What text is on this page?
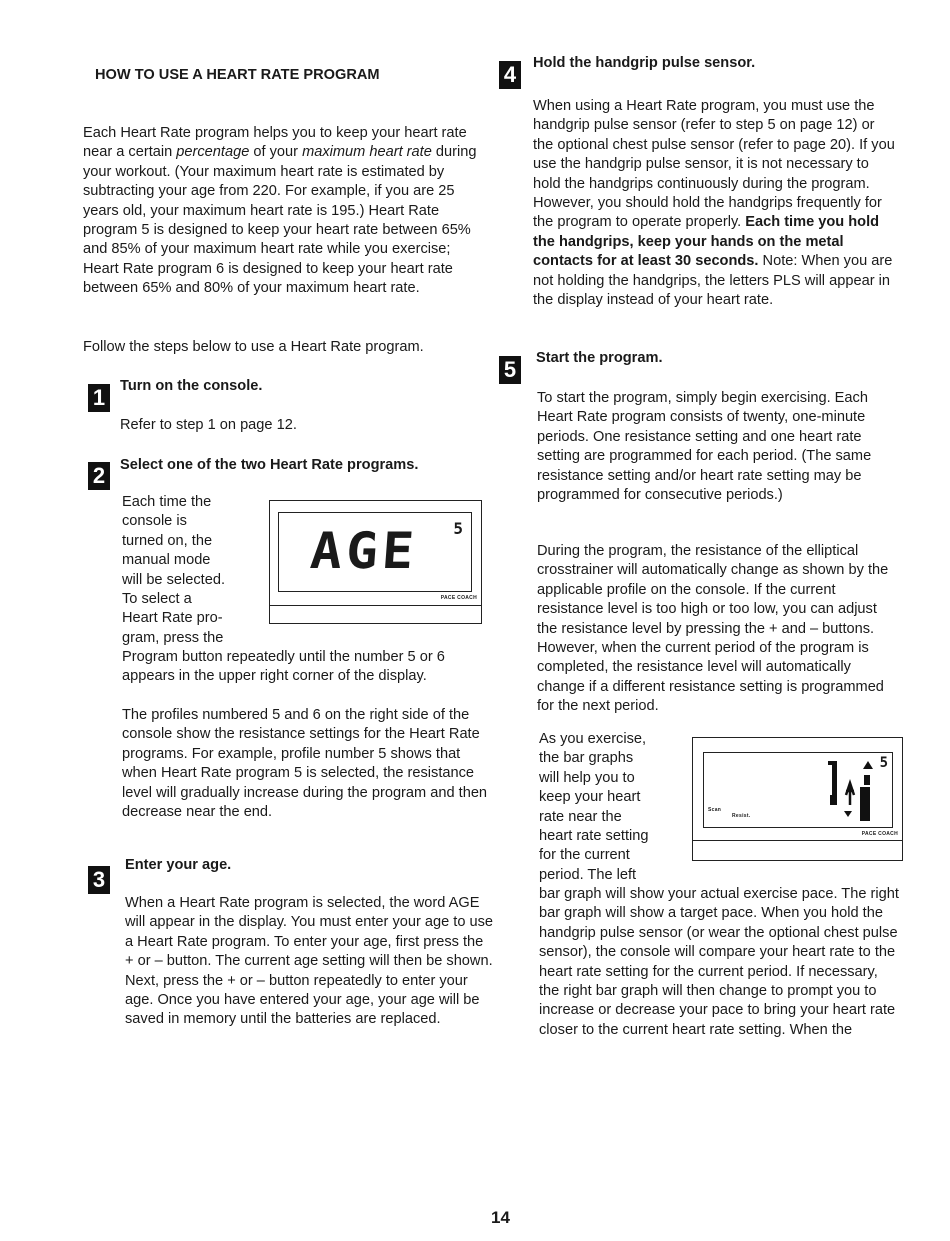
HOW TO USE A HEART RATE PROGRAM

Each Heart Rate program helps you to keep your heart rate near a certain percentage of your maximum heart rate during your workout. (Your maximum heart rate is estimated by subtracting your age from 220. For example, if you are 25 years old, your maximum heart rate is 195.) Heart Rate program 5 is designed to keep your heart rate between 65% and 85% of your maximum heart rate while you exercise; Heart Rate program 6 is designed to keep your heart rate between 65% and 80% of your maximum heart rate.

Follow the steps below to use a Heart Rate program.

1	Turn on the console.

Refer to step 1 on page 12.

2	Select one of the two Heart Rate programs.
Each time the
console is
turned on, the
manual mode
will be selected.
To select a
Heart Rate pro-
gram, press the

Program button repeatedly until the number 5 or 6 appears in the upper right corner of the display.

The profiles numbered 5 and 6 on the right side of the console show the resistance settings for the Heart Rate programs. For example, profile number 5 shows that when Heart Rate program 5 is selected, the resistance level will gradually increase during the program and then decrease near the end.

AGE 5
PACE COACH
3
Enter your age.

When a Heart Rate program is selected, the word AGE will appear in the display. You must enter your age to use a Heart Rate program. To enter your age, first press the + or – button. The current age setting will then be shown. Next, press the + or – button repeatedly to enter your age. Once you have entered your age, your age will be saved in memory until the batteries are replaced.

4	Hold the handgrip pulse sensor.

When using a Heart Rate program, you must use the handgrip pulse sensor (refer to step 5 on page 12) or the optional chest pulse sensor (refer to page 20). If you use the handgrip pulse sensor, it is not necessary to hold the handgrips continuously during the program. However, you should hold the handgrips frequently for the program to operate properly. Each time you hold the handgrips, keep your hands on the metal contacts for at least 30 seconds. Note: When you are not holding the handgrips, the letters PLS will appear in the display instead of your heart rate.

5	Start the program.

To start the program, simply begin exercising. Each Heart Rate program consists of twenty, one-minute periods. One resistance setting and one heart rate setting are programmed for each period. (The same resistance setting and/or heart rate setting may be programmed for consecutive periods.)

During the program, the resistance of the elliptical crosstrainer will automatically change as shown by the applicable profile on the console. If the current resistance level is too high or too low, you can adjust the resistance level by pressing the + and – buttons. However, when the current period of the program is completed, the resistance level will automatically change if a different resistance setting is programmed for the next period.

As you exercise,
the bar graphs
will help you to
keep your heart
rate near the
heart rate setting
for the current
period. The left

bar graph will show your actual exercise pace. The right bar graph will show a target pace. When you hold the handgrip pulse sensor (or wear the optional chest pulse sensor), the console will compare your heart rate to the heart rate setting for the current period. If necessary, the right bar graph will then change to prompt you to increase or decrease your pace to bring your heart rate closer to the current heart rate setting. When the

Scan
Resist.
5
PACE COACH
14
